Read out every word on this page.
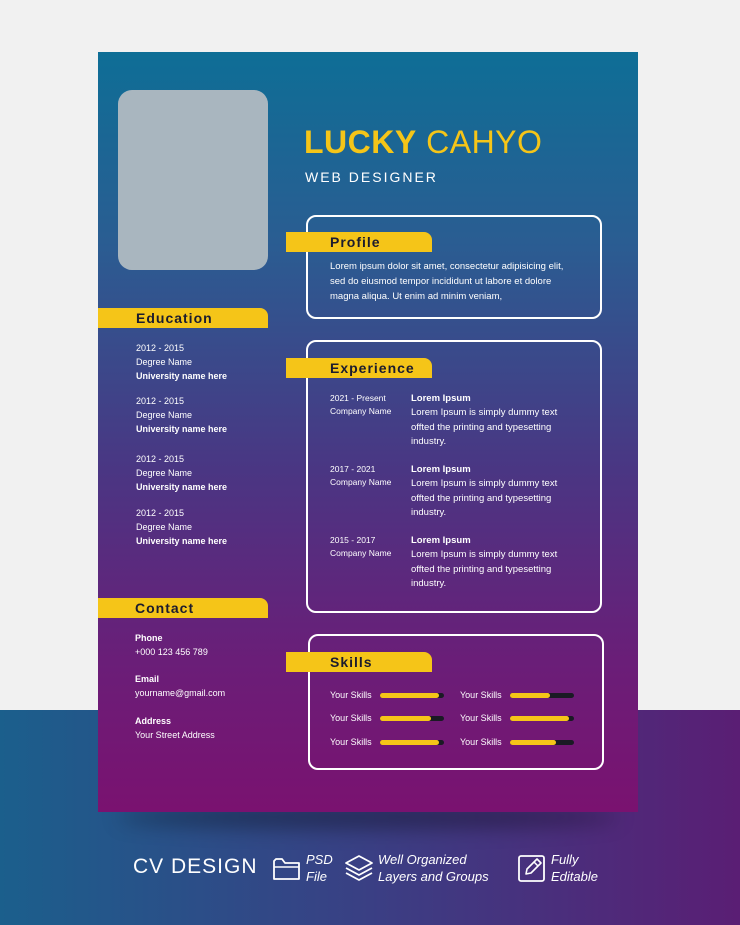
LUCKY CAHYO
WEB DESIGNER
Profile
Lorem ipsum dolor sit amet, consectetur adipisicing elit, sed do eiusmod tempor incididunt ut labore et dolore magna aliqua. Ut enim ad minim veniam,
Education
2012 - 2015
Degree Name
University name here
2012 - 2015
Degree Name
University name here
2012 - 2015
Degree Name
University name here
2012 - 2015
Degree Name
University name here
Experience
2021 - Present
Company Name
Lorem Ipsum
Lorem Ipsum is simply dummy text offted the printing and typesetting industry.
2017 - 2021
Company Name
Lorem Ipsum
Lorem Ipsum is simply dummy text offted the printing and typesetting industry.
2015 - 2017
Company Name
Lorem Ipsum
Lorem Ipsum is simply dummy text offted the printing and typesetting industry.
Contact
Phone
+000 123 456 789
Email
yourname@gmail.com
Address
Your Street Address
Skills
Your Skills	Your Skills
Your Skills	Your Skills
Your Skills	Your Skills
CV DESIGN	PSD
File
Well Organized
Layers and Groups
Fully
Editable
